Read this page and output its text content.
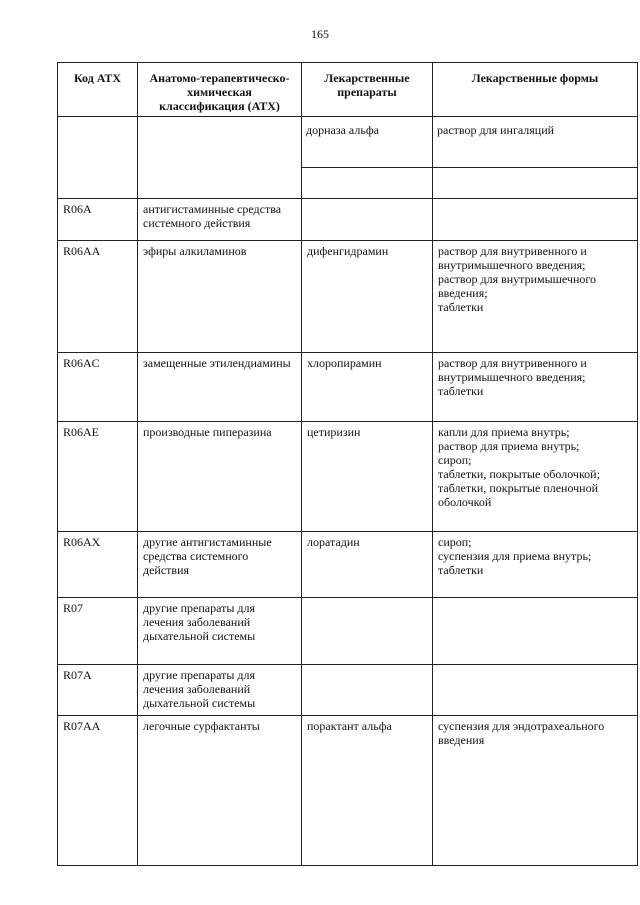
165
Код АТХ	Анатомо-терапевтическо-химическая классификация (АТХ)	Лекарственные препараты	Лекарственные формы

		дорназа альфа	раствор для ингаляций

R06A	антигистаминные средства системного действия		
R06AA	эфиры алкиламинов	дифенгидрамин	раствор для внутривенного и внутримышечного введения;
раствор для внутримышечного введения;
таблетки

R06AC	замещенные этилендиамины	хлоропирамин	раствор для внутривенного и внутримышечного введения;
таблетки

R06AE	производные пиперазина	цетиризин	капли для приема внутрь;
раствор для приема внутрь;
сироп;
таблетки, покрытые оболочкой;
таблетки, покрытые пленочной оболочкой

R06AX	другие антигистаминные средства системного действия	лоратадин	сироп;
суспензия для приема внутрь;
таблетки

R07	другие препараты для лечения заболеваний дыхательной системы		
R07A	другие препараты для лечения заболеваний дыхательной системы		
R07AA	легочные сурфактанты	порактант альфа	суспензия для эндотрахеального введения
